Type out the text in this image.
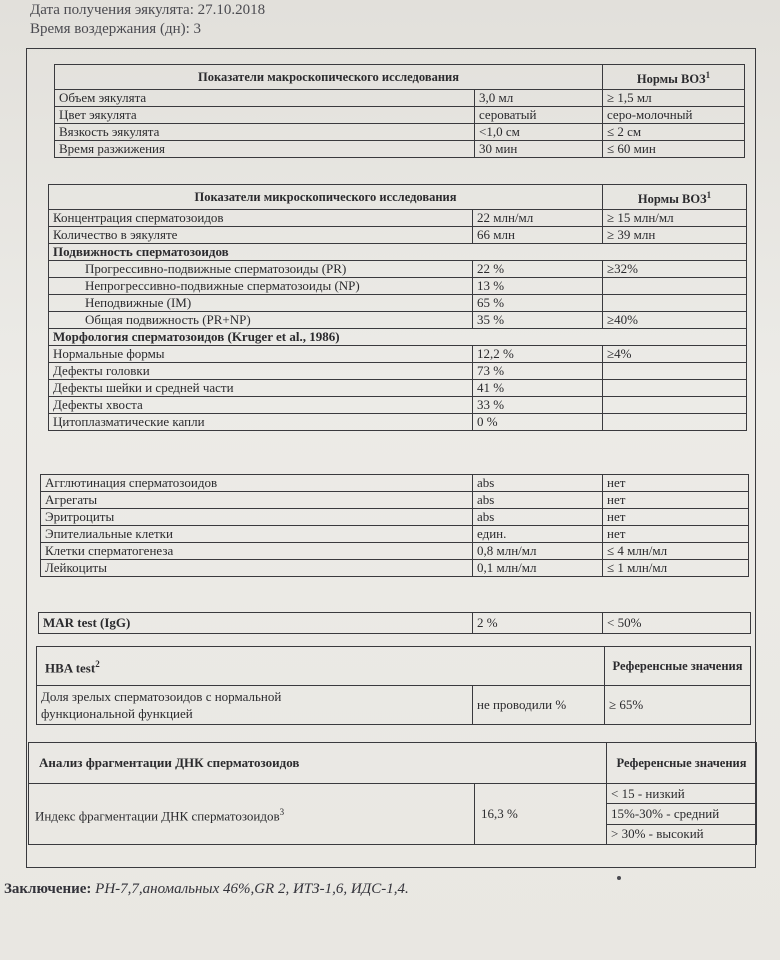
Дата получения эякулята: 27.10.2018
Время воздержания (дн): 3
Показатели макроскопического исследования		Нормы ВОЗ$^1$
Объем эякулята	3,0 мл	≥ 1,5 мл
Цвет эякулята	сероватый	серо-молочный
Вязкость эякулята	<1,0 см	≤ 2 см
Время разжижения	30 мин	≤ 60 мин
Показатели микроскопического исследования		Нормы ВОЗ$^1$
Концентрация сперматозоидов	22 млн/мл	≥ 15 млн/мл
Количество в эякуляте	66 млн	≥ 39 млн
Подвижность сперматозоидов		
Прогрессивно-подвижные сперматозоиды (PR)	22 %	≥32%
Непрогрессивно-подвижные сперматозоиды (NP)	13 %	
Неподвижные (IM)	65 %	
Общая подвижность (PR+NP)	35 %	≥40%
Морфология сперматозоидов (Kruger et al., 1986)		
Нормальные формы	12,2 %	≥4%
Дефекты головки	73 %	
Дефекты шейки и средней части	41 %	
Дефекты хвоста	33 %	
Цитоплазматические капли	0 %	
Агглютинация сперматозоидов	abs	нет
Агрегаты	abs	нет
Эритроциты	abs	нет
Эпителиальные клетки	един.	нет
Клетки сперматогенеза	0,8 млн/мл	≤ 4 млн/мл
Лейкоциты	0,1 млн/мл	≤ 1 млн/мл
MAR test (IgG)	2 %	< 50%
HBA test$^2$		Референсные значения
Доля зрелых сперматозоидов с нормальной
функциональной функцией	не проводили %	≥ 65%
Анализ фрагментации ДНК сперматозоидов		Референсные значения
Индекс фрагментации ДНК сперматозоидов$^3$	16,3 %	< 15 - низкий
		15%-30% - средний
		> 30% - высокий
Заключение: PH-7,7,аномальных 46%,GR 2, ИТЗ-1,6, ИДС-1,4.
